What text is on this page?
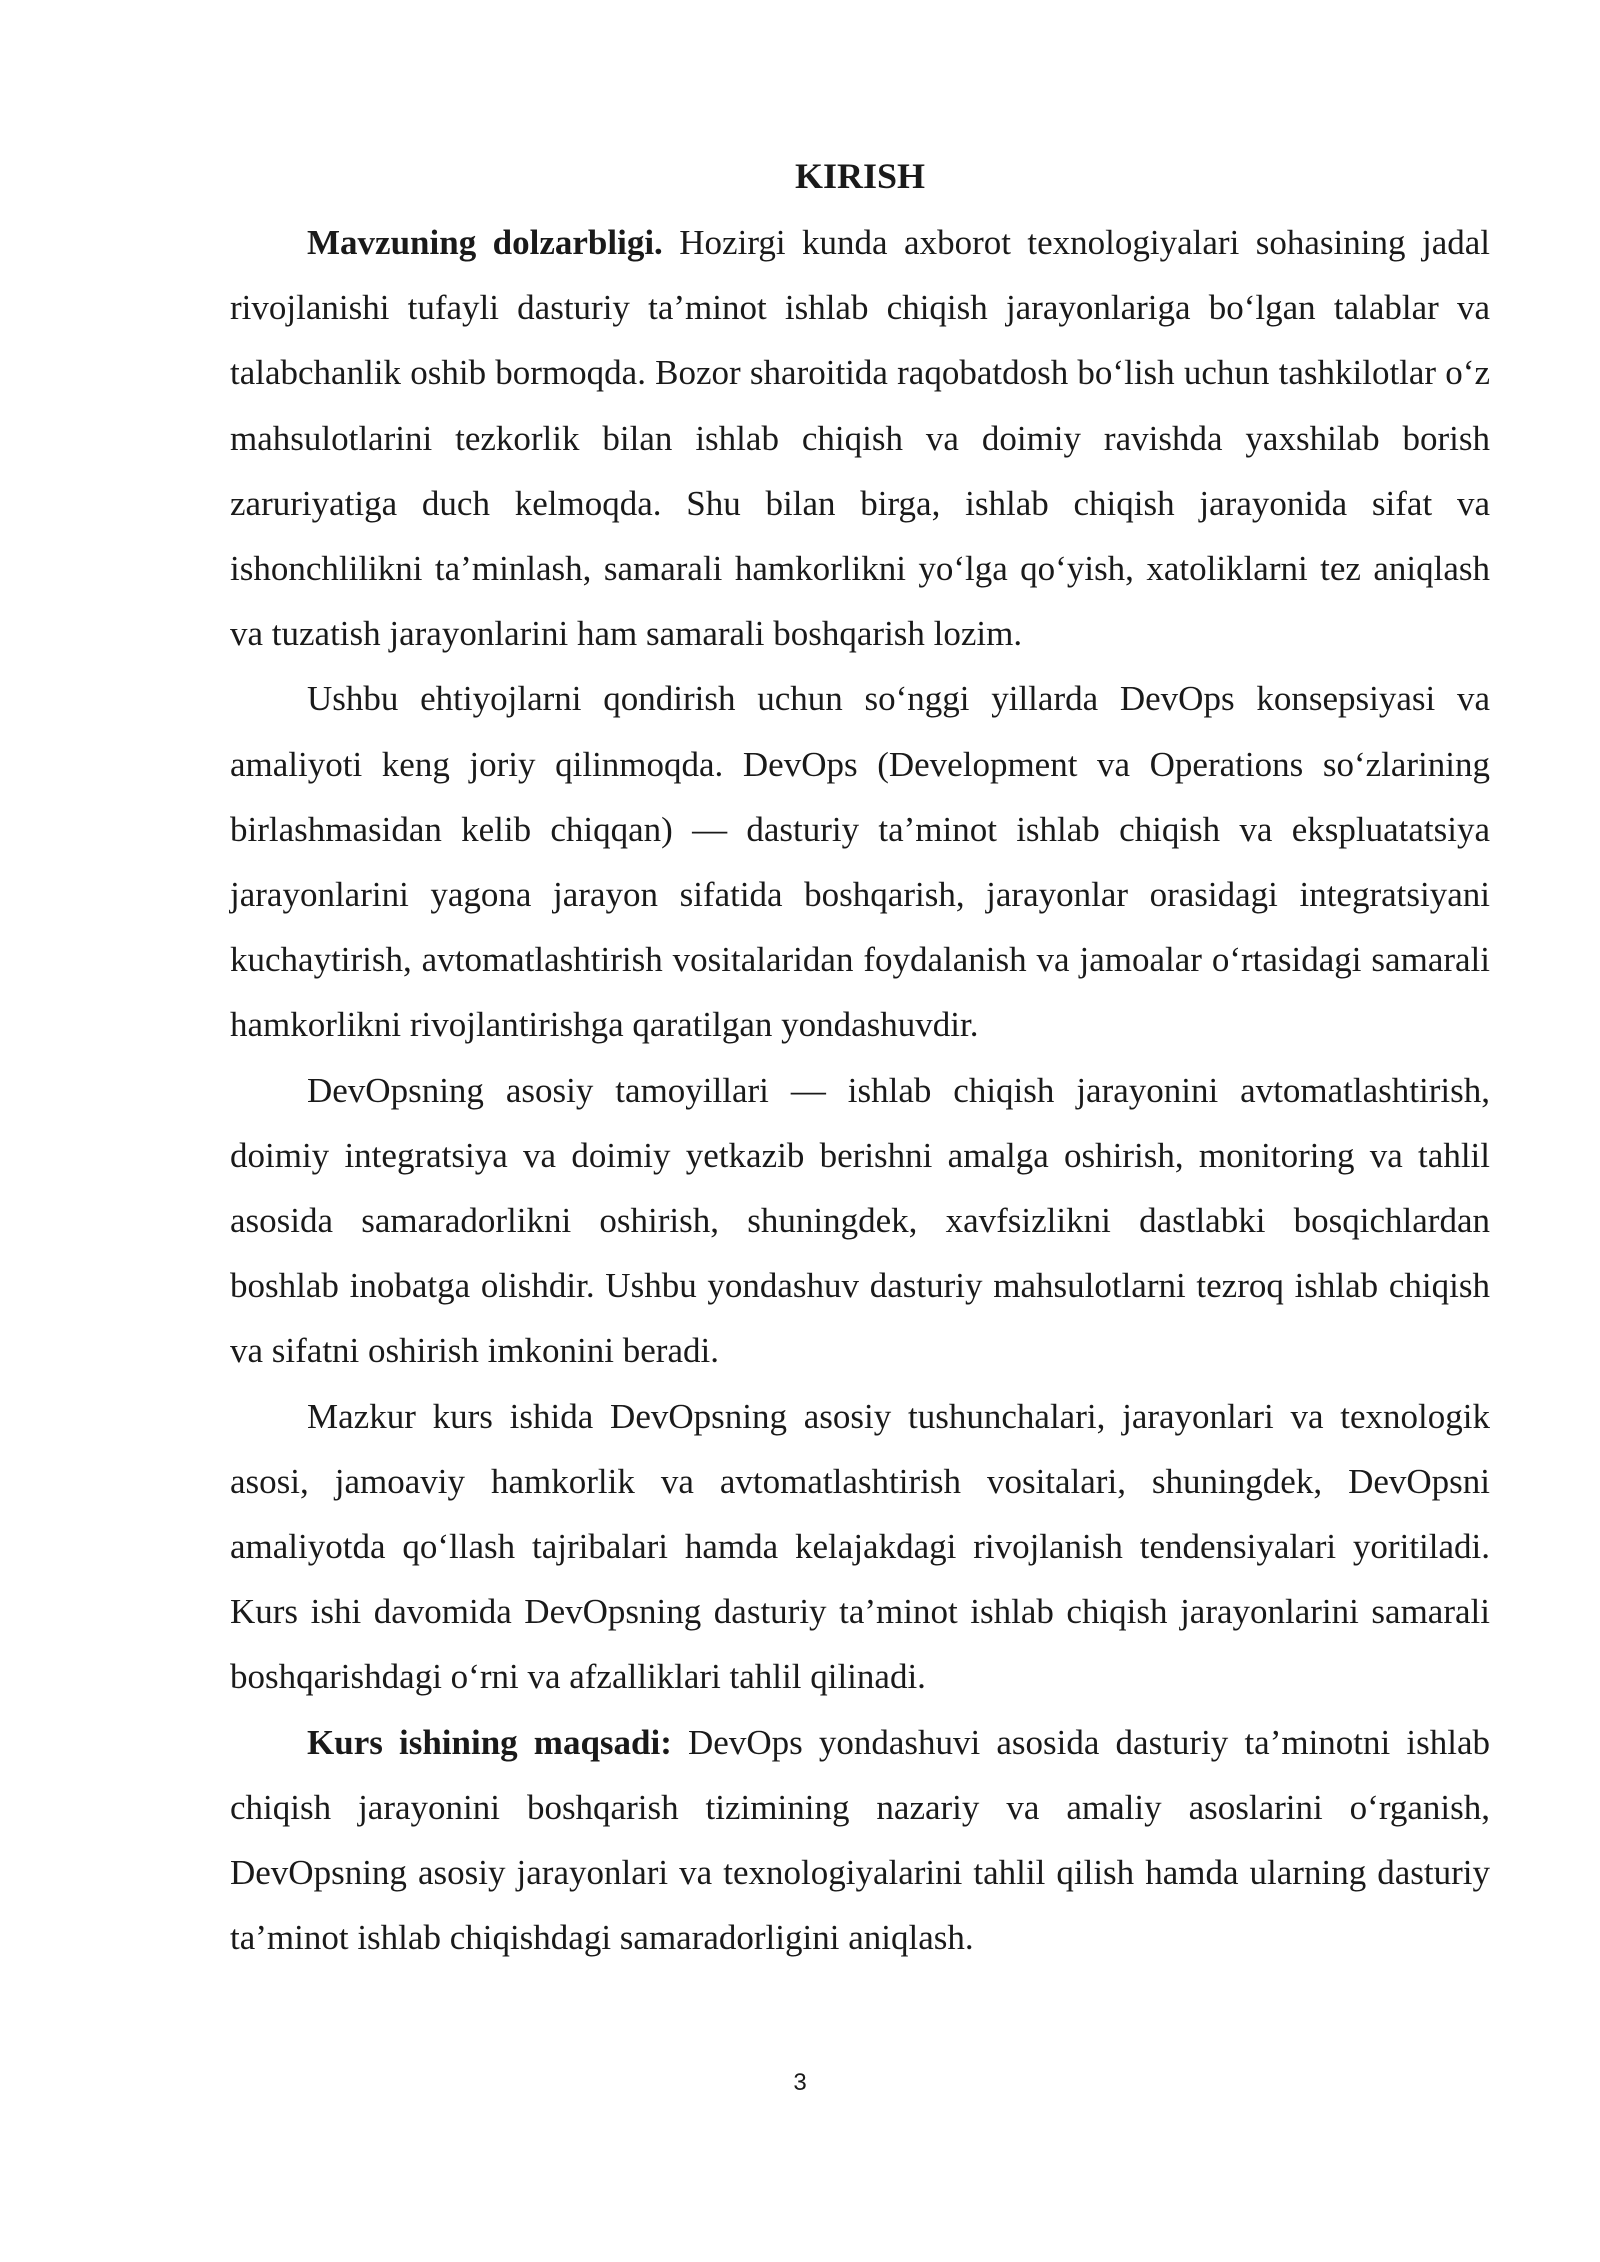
KIRISH

Mavzuning dolzarbligi. Hozirgi kunda axborot texnologiyalari sohasining jadal rivojlanishi tufayli dasturiy ta’minot ishlab chiqish jarayonlariga bo‘lgan talablar va talabchanlik oshib bormoqda. Bozor sharoitida raqobatdosh bo‘lish uchun tashkilotlar o‘z mahsulotlarini tezkorlik bilan ishlab chiqish va doimiy ravishda yaxshilab borish zaruriyatiga duch kelmoqda. Shu bilan birga, ishlab chiqish jarayonida sifat va ishonchlilikni ta’minlash, samarali hamkorlikni yo‘lga qo‘yish, xatoliklarni tez aniqlash va tuzatish jarayonlarini ham samarali boshqarish lozim.

Ushbu ehtiyojlarni qondirish uchun so‘nggi yillarda DevOps konsepsiyasi va amaliyoti keng joriy qilinmoqda. DevOps (Development va Operations so‘zlarining birlashmasidan kelib chiqqan) — dasturiy ta’minot ishlab chiqish va ekspluatatsiya jarayonlarini yagona jarayon sifatida boshqarish, jarayonlar orasidagi integratsiyani kuchaytirish, avtomatlashtirish vositalaridan foydalanish va jamoalar o‘rtasidagi samarali hamkorlikni rivojlantirishga qaratilgan yondashuvdir.

DevOpsning asosiy tamoyillari — ishlab chiqish jarayonini avtomatlashtirish, doimiy integratsiya va doimiy yetkazib berishni amalga oshirish, monitoring va tahlil asosida samaradorlikni oshirish, shuningdek, xavfsizlikni dastlabki bosqichlardan boshlab inobatga olishdir. Ushbu yondashuv dasturiy mahsulotlarni tezroq ishlab chiqish va sifatni oshirish imkonini beradi.

Mazkur kurs ishida DevOpsning asosiy tushunchalari, jarayonlari va texnologik asosi, jamoaviy hamkorlik va avtomatlashtirish vositalari, shuningdek, DevOpsni amaliyotda qo‘llash tajribalari hamda kelajakdagi rivojlanish tendensiyalari yoritiladi. Kurs ishi davomida DevOpsning dasturiy ta’minot ishlab chiqish jarayonlarini samarali boshqarishdagi o‘rni va afzalliklari tahlil qilinadi.

Kurs ishining maqsadi: DevOps yondashuvi asosida dasturiy ta’minotni ishlab chiqish jarayonini boshqarish tizimining nazariy va amaliy asoslarini o‘rganish, DevOpsning asosiy jarayonlari va texnologiyalarini tahlil qilish hamda ularning dasturiy ta’minot ishlab chiqishdagi samaradorligini aniqlash.

3
